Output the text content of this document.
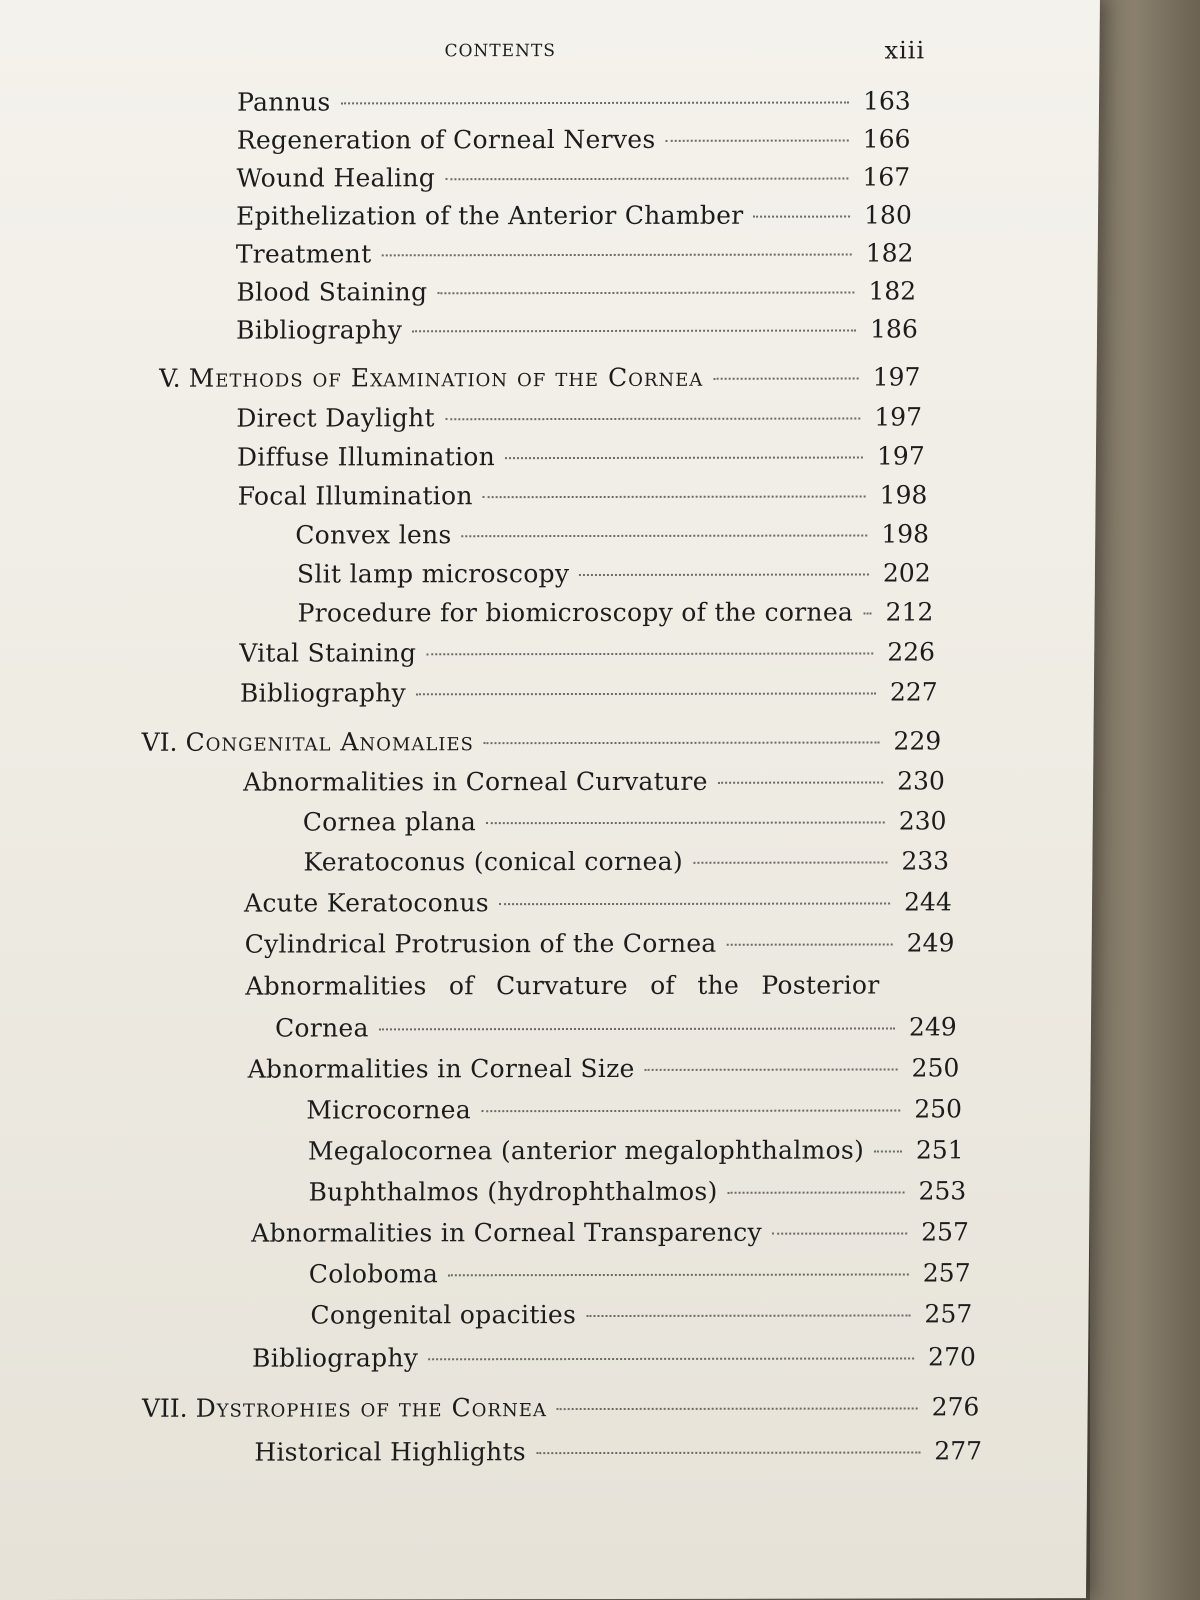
CONTENTS	xiii
Pannus	163
Regeneration of Corneal Nerves	166
Wound Healing	167
Epithelization of the Anterior Chamber	180
Treatment	182
Blood Staining	182
Bibliography	186
V. Methods of Examination of the Cornea	197
Direct Daylight	197
Diffuse Illumination	197
Focal Illumination	198
Convex lens	198
Slit lamp microscopy	202
Procedure for biomicroscopy of the cornea	212
Vital Staining	226
Bibliography	227
VI. Congenital Anomalies	229
Abnormalities in Corneal Curvature	230
Cornea plana	230
Keratoconus (conical cornea)	233
Acute Keratoconus	244
Cylindrical Protrusion of the Cornea	249
Abnormalities of Curvature of the Posterior
Cornea	249
Abnormalities in Corneal Size	250
Microcornea	250
Megalocornea (anterior megalophthalmos)	251
Buphthalmos (hydrophthalmos)	253
Abnormalities in Corneal Transparency	257
Coloboma	257
Congenital opacities	257
Bibliography	270
VII. Dystrophies of the Cornea	276
Historical Highlights	277
